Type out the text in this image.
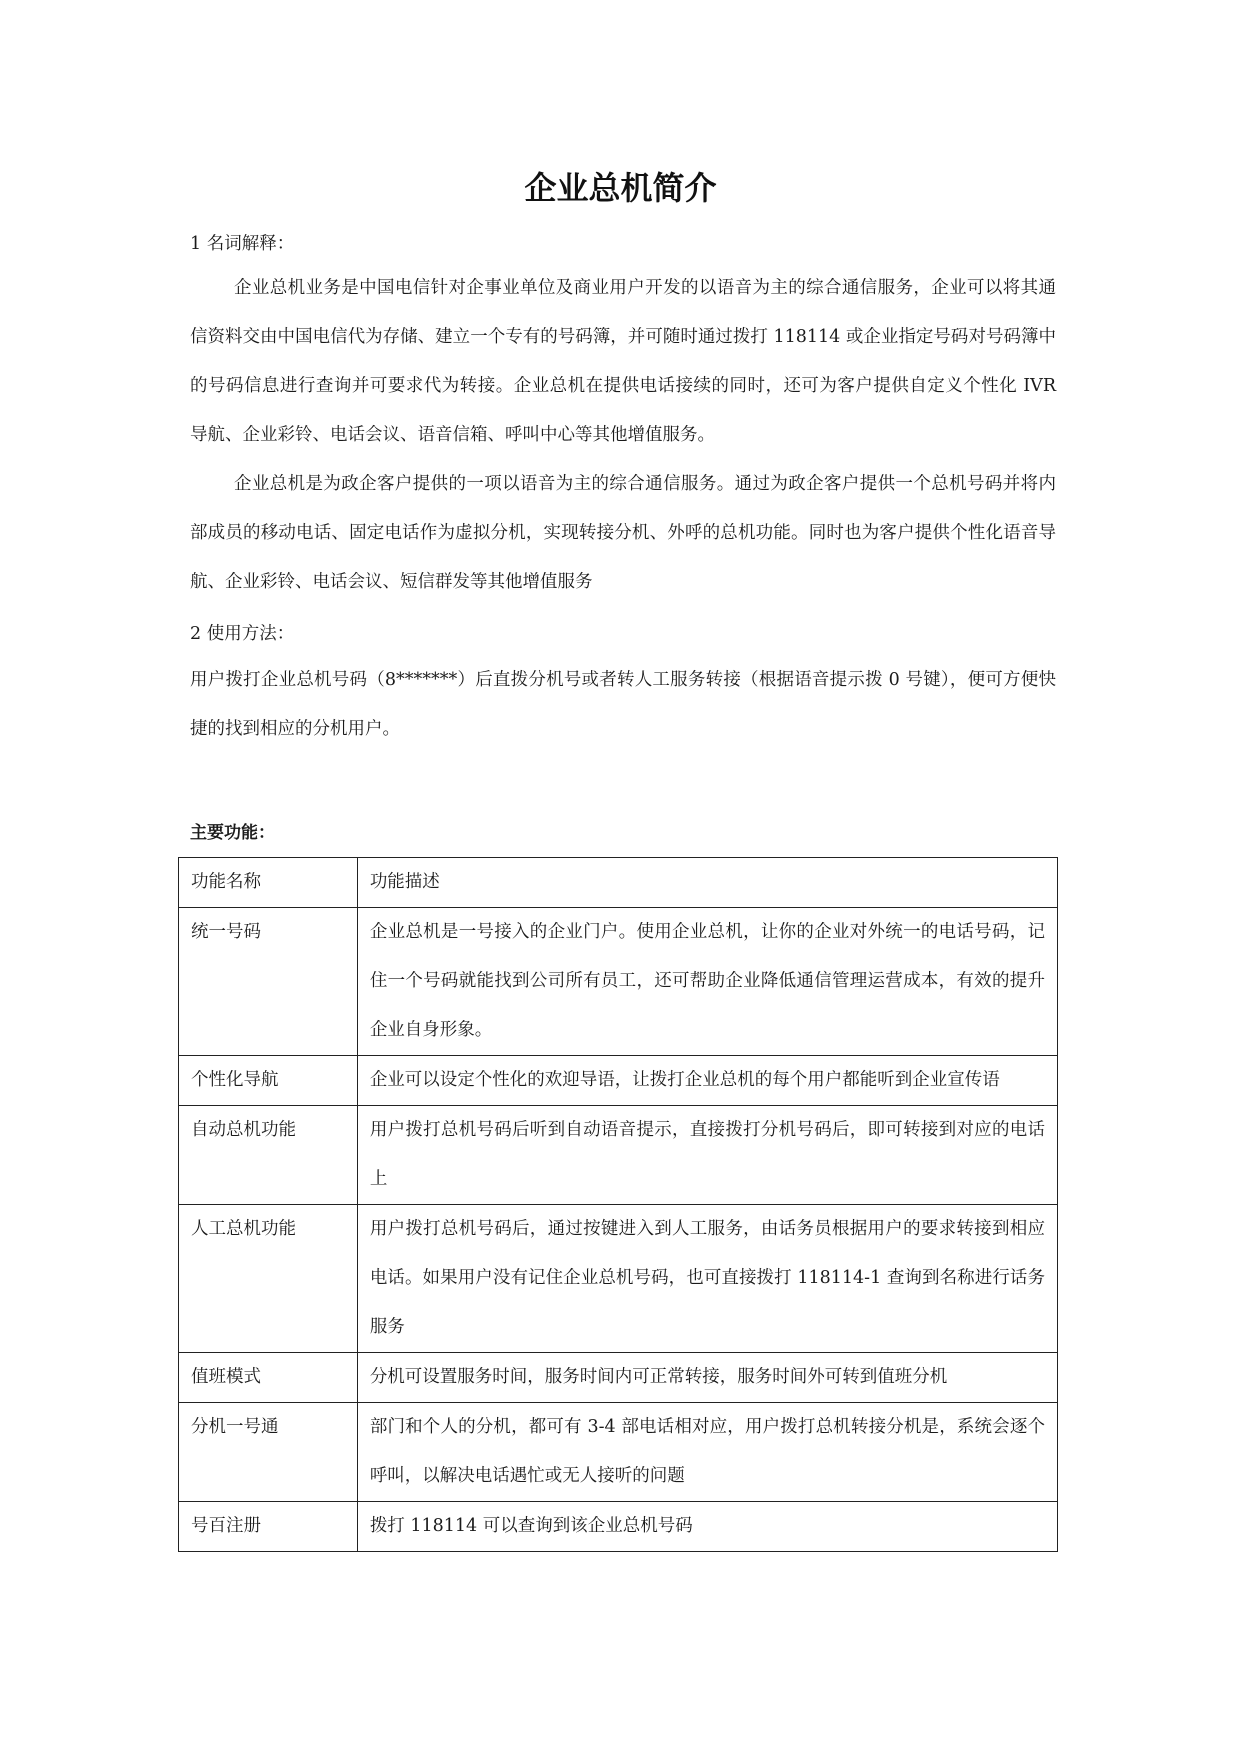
企业总机简介
1 名词解释：

企业总机业务是中国电信针对企事业单位及商业用户开发的以语音为主的综合通信服务，企业可以将其通信资料交由中国电信代为存储、建立一个专有的号码簿，并可随时通过拨打 118114 或企业指定号码对号码簿中的号码信息进行查询并可要求代为转接。企业总机在提供电话接续的同时，还可为客户提供自定义个性化 IVR 导航、企业彩铃、电话会议、语音信箱、呼叫中心等其他增值服务。

企业总机是为政企客户提供的一项以语音为主的综合通信服务。通过为政企客户提供一个总机号码并将内部成员的移动电话、固定电话作为虚拟分机，实现转接分机、外呼的总机功能。同时也为客户提供个性化语音导航、企业彩铃、电话会议、短信群发等其他增值服务

2 使用方法：

用户拨打企业总机号码（8*******）后直拨分机号或者转人工服务转接（根据语音提示拨 0 号键），便可方便快捷的找到相应的分机用户。

主要功能：
功能名称	功能描述
统一号码	企业总机是一号接入的企业门户。使用企业总机，让你的企业对外统一的电话号码，记住一个号码就能找到公司所有员工，还可帮助企业降低通信管理运营成本，有效的提升企业自身形象。
个性化导航	企业可以设定个性化的欢迎导语，让拨打企业总机的每个用户都能听到企业宣传语
自动总机功能	用户拨打总机号码后听到自动语音提示，直接拨打分机号码后，即可转接到对应的电话上
人工总机功能	用户拨打总机号码后，通过按键进入到人工服务，由话务员根据用户的要求转接到相应电话。如果用户没有记住企业总机号码，也可直接拨打 118114-1 查询到名称进行话务服务
值班模式	分机可设置服务时间，服务时间内可正常转接，服务时间外可转到值班分机
分机一号通	部门和个人的分机，都可有 3-4 部电话相对应，用户拨打总机转接分机是，系统会逐个呼叫，以解决电话遇忙或无人接听的问题
号百注册	拨打 118114 可以查询到该企业总机号码
